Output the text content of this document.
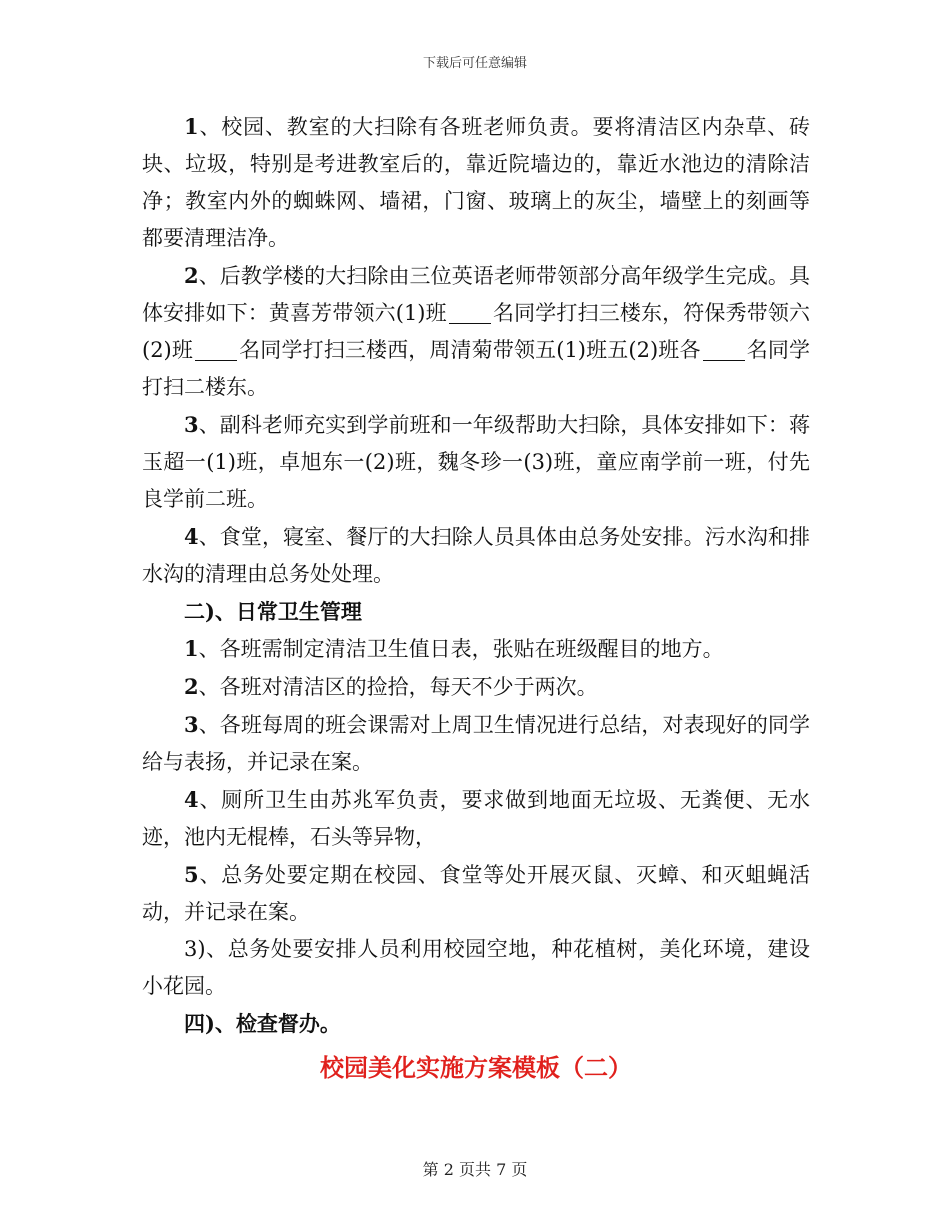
下载后可任意编辑

1、校园、教室的大扫除有各班老师负责。要将清洁区内杂草、砖块、垃圾，特别是考进教室后的，靠近院墙边的，靠近水池边的清除洁净；教室内外的蜘蛛网、墙裙，门窗、玻璃上的灰尘，墙壁上的刻画等都要清理洁净。

2、后教学楼的大扫除由三位英语老师带领部分高年级学生完成。具体安排如下：黄喜芳带领六(1)班 名同学打扫三楼东，符保秀带领六(2)班 名同学打扫三楼西，周清菊带领五(1)班五(2)班各 名同学打扫二楼东。

3、副科老师充实到学前班和一年级帮助大扫除，具体安排如下：蒋玉超一(1)班，卓旭东一(2)班，魏冬珍一(3)班，童应南学前一班，付先良学前二班。

4、食堂，寝室、餐厅的大扫除人员具体由总务处安排。污水沟和排水沟的清理由总务处处理。

二)、日常卫生管理

1、各班需制定清洁卫生值日表，张贴在班级醒目的地方。

2、各班对清洁区的捡拾，每天不少于两次。

3、各班每周的班会课需对上周卫生情况进行总结，对表现好的同学给与表扬，并记录在案。

4、厕所卫生由苏兆军负责，要求做到地面无垃圾、无粪便、无水迹，池内无棍棒，石头等异物，

5、总务处要定期在校园、食堂等处开展灭鼠、灭蟑、和灭蛆蝇活动，并记录在案。

3)、总务处要安排人员利用校园空地，种花植树，美化环境，建设小花园。

四)、检查督办。

校园美化实施方案模板（二）

第 2 页共 7 页
